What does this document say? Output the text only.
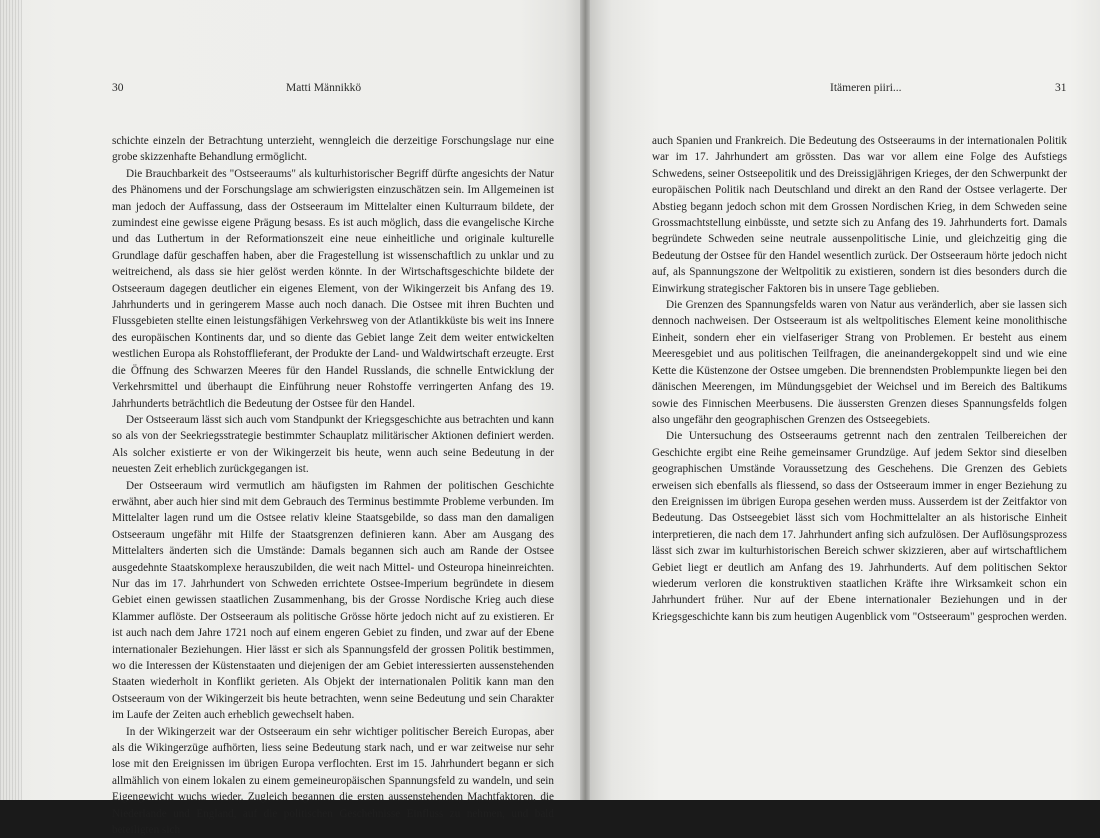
30	Matti Männikkö

schichte einzeln der Betrachtung unterzieht, wenngleich die derzeitige Forschungslage nur eine grobe skizzenhafte Behandlung ermöglicht.

Die Brauchbarkeit des "Ostseeraums" als kulturhistorischer Begriff dürfte angesichts der Natur des Phänomens und der Forschungslage am schwierigsten einzuschätzen sein. Im Allgemeinen ist man jedoch der Auffassung, dass der Ostseeraum im Mittelalter einen Kulturraum bildete, der zumindest eine gewisse eigene Prägung besass. Es ist auch möglich, dass die evangelische Kirche und das Luthertum in der Reformationszeit eine neue einheitliche und originale kulturelle Grundlage dafür geschaffen haben, aber die Fragestellung ist wissenschaftlich zu unklar und zu weitreichend, als dass sie hier gelöst werden könnte. In der Wirtschaftsgeschichte bildete der Ostseeraum dagegen deutlicher ein eigenes Element, von der Wikingerzeit bis Anfang des 19. Jahrhunderts und in geringerem Masse auch noch danach. Die Ostsee mit ihren Buchten und Flussgebieten stellte einen leistungsfähigen Verkehrsweg von der Atlantikküste bis weit ins Innere des europäischen Kontinents dar, und so diente das Gebiet lange Zeit dem weiter entwickelten westlichen Europa als Rohstofflieferant, der Produkte der Land- und Waldwirtschaft erzeugte. Erst die Öffnung des Schwarzen Meeres für den Handel Russlands, die schnelle Entwicklung der Verkehrsmittel und überhaupt die Einführung neuer Rohstoffe verringerten Anfang des 19. Jahrhunderts beträchtlich die Bedeutung der Ostsee für den Handel.

Der Ostseeraum lässt sich auch vom Standpunkt der Kriegsgeschichte aus betrachten und kann so als von der Seekriegsstrategie bestimmter Schauplatz militärischer Aktionen definiert werden. Als solcher existierte er von der Wikingerzeit bis heute, wenn auch seine Bedeutung in der neuesten Zeit erheblich zurückgegangen ist.

Der Ostseeraum wird vermutlich am häufigsten im Rahmen der politischen Geschichte erwähnt, aber auch hier sind mit dem Gebrauch des Terminus bestimmte Probleme verbunden. Im Mittelalter lagen rund um die Ostsee relativ kleine Staatsgebilde, so dass man den damaligen Ostseeraum ungefähr mit Hilfe der Staatsgrenzen definieren kann. Aber am Ausgang des Mittelalters änderten sich die Umstände: Damals begannen sich auch am Rande der Ostsee ausgedehnte Staatskomplexe herauszubilden, die weit nach Mittel- und Osteuropa hineinreichten. Nur das im 17. Jahrhundert von Schweden errichtete Ostsee-Imperium begründete in diesem Gebiet einen gewissen staatlichen Zusammenhang, bis der Grosse Nordische Krieg auch diese Klammer auflöste. Der Ostseeraum als politische Grösse hörte jedoch nicht auf zu existieren. Er ist auch nach dem Jahre 1721 noch auf einem engeren Gebiet zu finden, und zwar auf der Ebene internationaler Beziehungen. Hier lässt er sich als Spannungsfeld der grossen Politik bestimmen, wo die Interessen der Küstenstaaten und diejenigen der am Gebiet interessierten aussenstehenden Staaten wiederholt in Konflikt gerieten. Als Objekt der internationalen Politik kann man den Ostseeraum von der Wikingerzeit bis heute betrachten, wenn seine Bedeutung und sein Charakter im Laufe der Zeiten auch erheblich gewechselt haben.

In der Wikingerzeit war der Ostseeraum ein sehr wichtiger politischer Bereich Europas, aber als die Wikingerzüge aufhörten, liess seine Bedeutung stark nach, und er war zeitweise nur sehr lose mit den Ereignissen im übrigen Europa verflochten. Erst im 15. Jahrhundert begann er sich allmählich von einem lokalen zu einem gemeineuropäischen Spannungsfeld zu wandeln, und sein Eigengewicht wuchs wieder. Zugleich begannen die ersten aussenstehenden Machtfaktoren, die Niederlande und England, auf die politischen Geschehnisse Einfluss zu nehmen, und bald beteiligten sich

Itämeren piiri...	31

auch Spanien und Frankreich. Die Bedeutung des Ostseeraums in der internationalen Politik war im 17. Jahrhundert am grössten. Das war vor allem eine Folge des Aufstiegs Schwedens, seiner Ostseepolitik und des Dreissigjährigen Krieges, der den Schwerpunkt der europäischen Politik nach Deutschland und direkt an den Rand der Ostsee verlagerte. Der Abstieg begann jedoch schon mit dem Grossen Nordischen Krieg, in dem Schweden seine Grossmachtstellung einbüsste, und setzte sich zu Anfang des 19. Jahrhunderts fort. Damals begründete Schweden seine neutrale aussenpolitische Linie, und gleichzeitig ging die Bedeutung der Ostsee für den Handel wesentlich zurück. Der Ostseeraum hörte jedoch nicht auf, als Spannungszone der Weltpolitik zu existieren, sondern ist dies besonders durch die Einwirkung strategischer Faktoren bis in unsere Tage geblieben.

Die Grenzen des Spannungsfelds waren von Natur aus veränderlich, aber sie lassen sich dennoch nachweisen. Der Ostseeraum ist als weltpolitisches Element keine monolithische Einheit, sondern eher ein vielfaseriger Strang von Problemen. Er besteht aus einem Meeresgebiet und aus politischen Teilfragen, die aneinandergekoppelt sind und wie eine Kette die Küstenzone der Ostsee umgeben. Die brennendsten Problempunkte liegen bei den dänischen Meerengen, im Mündungsgebiet der Weichsel und im Bereich des Baltikums sowie des Finnischen Meerbusens. Die äussersten Grenzen dieses Spannungsfelds folgen also ungefähr den geographischen Grenzen des Ostseegebiets.

Die Untersuchung des Ostseeraums getrennt nach den zentralen Teilbereichen der Geschichte ergibt eine Reihe gemeinsamer Grundzüge. Auf jedem Sektor sind dieselben geographischen Umstände Voraussetzung des Geschehens. Die Grenzen des Gebiets erweisen sich ebenfalls als fliessend, so dass der Ostseeraum immer in enger Beziehung zu den Ereignissen im übrigen Europa gesehen werden muss. Ausserdem ist der Zeitfaktor von Bedeutung. Das Ostseegebiet lässt sich vom Hochmittelalter an als historische Einheit interpretieren, die nach dem 17. Jahrhundert anfing sich aufzulösen. Der Auflösungsprozess lässt sich zwar im kulturhistorischen Bereich schwer skizzieren, aber auf wirtschaftlichem Gebiet liegt er deutlich am Anfang des 19. Jahrhunderts. Auf dem politischen Sektor wiederum verloren die konstruktiven staatlichen Kräfte ihre Wirksamkeit schon ein Jahrhundert früher. Nur auf der Ebene internationaler Beziehungen und in der Kriegsgeschichte kann bis zum heutigen Augenblick vom "Ostseeraum" gesprochen werden.
